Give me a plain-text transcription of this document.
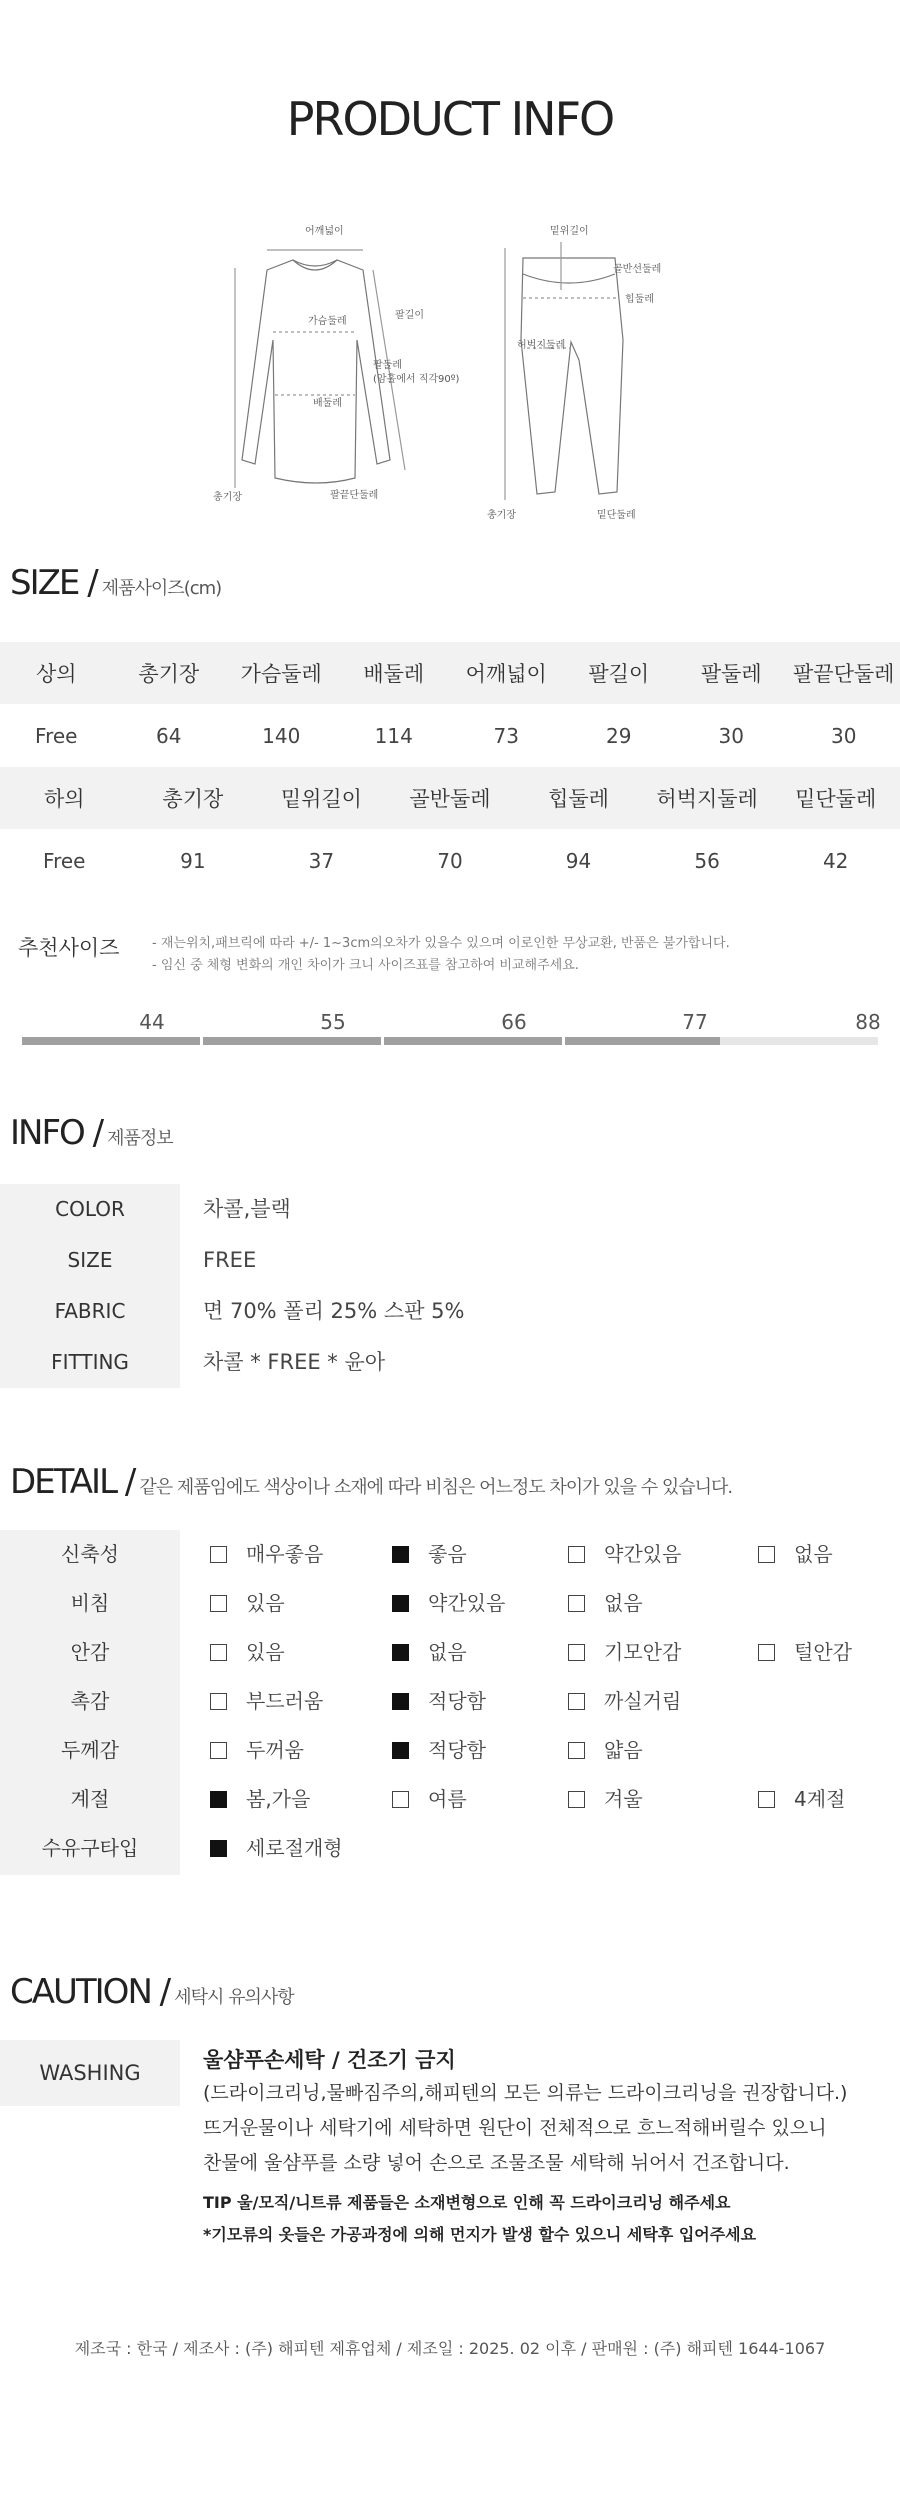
PRODUCT INFO
어깨넓이
가슴둘레
팔길이
팔둘레
(암홀에서 직각90º)
배둘레
총기장	팔끝단둘레
밑위길이
골반선둘레
힙둘레
허벅지둘레
총기장	밑단둘레
SIZE / 제품사이즈(cm)
상의	총기장	가슴둘레	배둘레	어깨넓이	팔길이	팔둘레	팔끝단둘레
Free	64	140	114	73	29	30	30
하의	총기장	밑위길이	골반둘레	힙둘레	허벅지둘레	밑단둘레
Free	91	37	70	94	56	42
추천사이즈	- 재는위치,패브릭에 따라 +/- 1~3cm의오차가 있을수 있으며 이로인한 무상교환, 반품은 불가합니다.
- 임신 중 체형 변화의 개인 차이가 크니 사이즈표를 참고하여 비교해주세요.
44	55	66	77	88
INFO / 제품정보
COLOR	차콜,블랙
SIZE	FREE
FABRIC	면 70% 폴리 25% 스판 5%
FITTING	차콜 * FREE * 윤아
DETAIL / 같은 제품임에도 색상이나 소재에 따라 비침은 어느정도 차이가 있을 수 있습니다.
신축성	매우좋음	좋음	약간있음	없음
비침	있음	약간있음	없음
안감	있음	없음	기모안감	털안감
촉감	부드러움	적당함	까실거림
두께감	두꺼움	적당함	얇음
계절	봄,가을	여름	겨울	4계절
수유구타입	세로절개형
CAUTION / 세탁시 유의사항
WASHING
울샴푸손세탁 / 건조기 금지
(드라이크리닝,물빠짐주의,해피텐의 모든 의류는 드라이크리닝을 권장합니다.)
뜨거운물이나 세탁기에 세탁하면 원단이 전체적으로 흐느적해버릴수 있으니
찬물에 울샴푸를 소량 넣어 손으로 조물조물 세탁해 뉘어서 건조합니다.
TIP 울/모직/니트류 제품들은 소재변형으로 인해 꼭 드라이크리닝 해주세요
*기모류의 옷들은 가공과정에 의해 먼지가 발생 할수 있으니 세탁후 입어주세요
제조국 : 한국 / 제조사 : (주) 해피텐 제휴업체 / 제조일 : 2025. 02 이후 / 판매원 : (주) 해피텐 1644-1067
